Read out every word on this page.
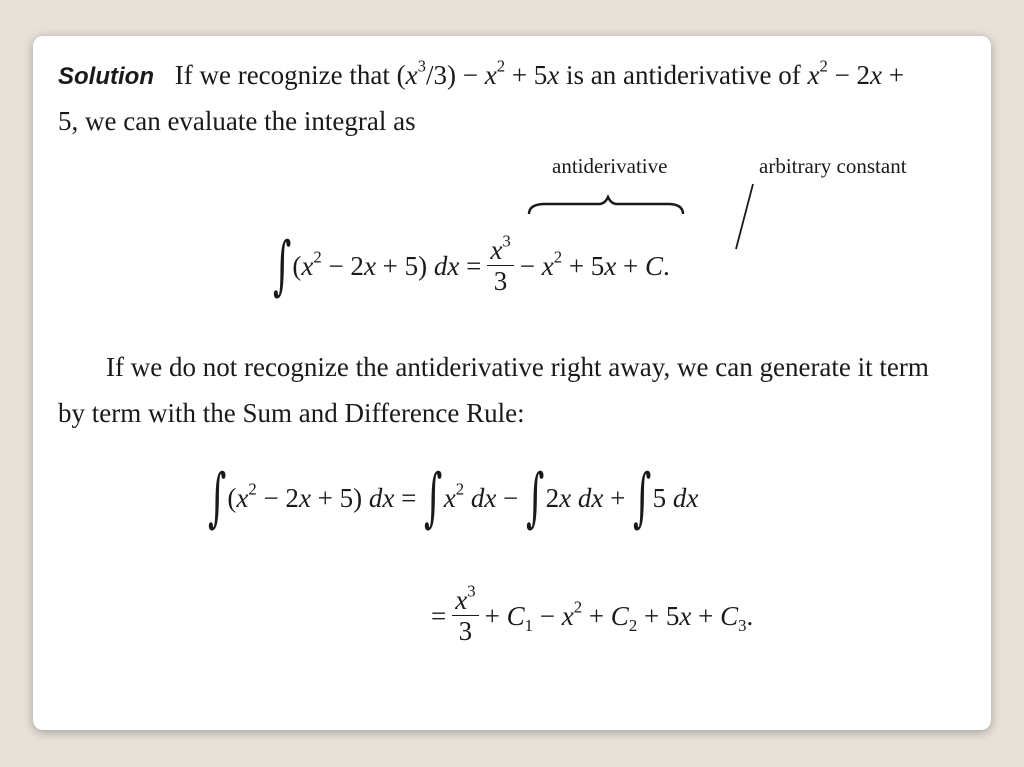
Solution If we recognize that $(x^3/3) - x^2 + 5x$ is an antiderivative of $x^2 - 2x$ +
5, we can evaluate the integral as
antiderivative	arbitrary constant
∫ $(x^2 - 2x + 5)$ dx = $\frac{x^3}{3} - x^2 + 5x + C$.
If we do not recognize the antiderivative right away, we can generate it term
by term with the Sum and Difference Rule:
∫ $(x^2 - 2x + 5)$ dx = ∫ $x^2$ dx − ∫ 2x dx + ∫ 5 dx
= $\frac{x^3}{3} + C_1 - x^2 + C_2 + 5x + C_3$.
